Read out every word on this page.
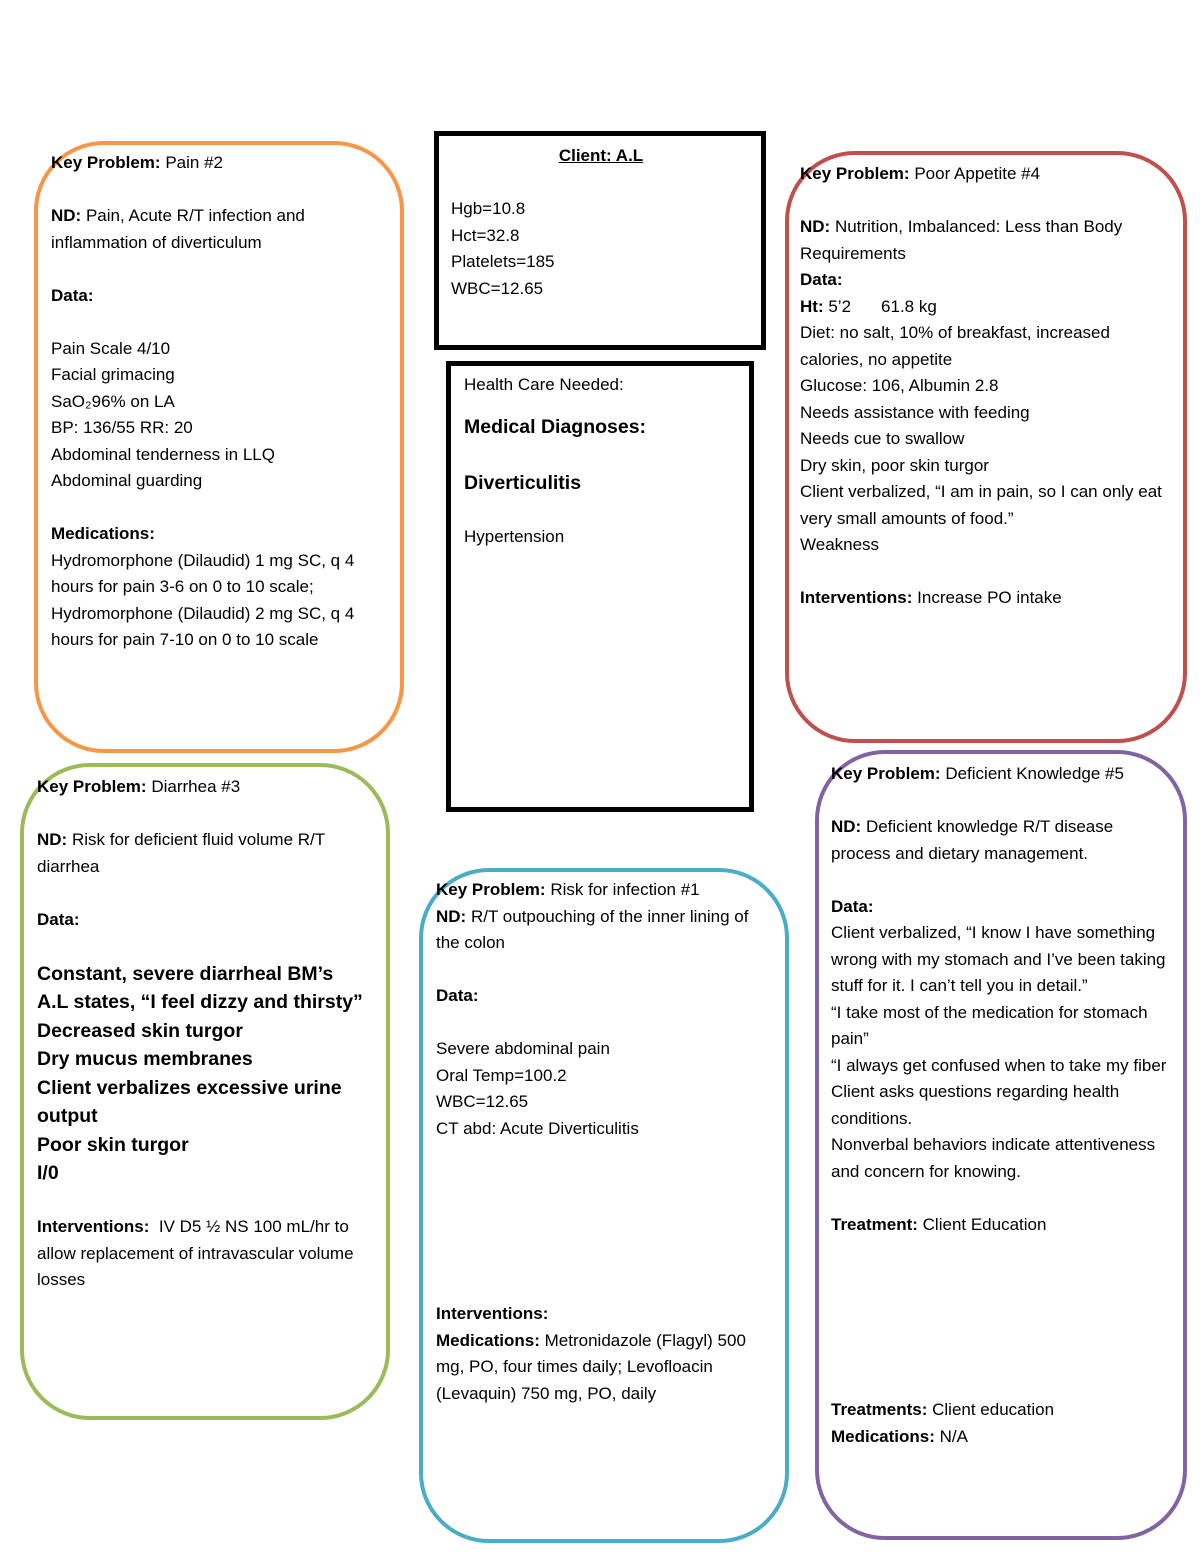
Key Problem: Pain #2
ND: Pain, Acute R/T infection and inflammation of diverticulum
Data:
Pain Scale 4/10
Facial grimacing
SaO₂96% on LA
BP: 136/55 RR: 20
Abdominal tenderness in LLQ
Abdominal guarding
Medications:
Hydromorphone (Dilaudid) 1 mg SC, q 4 hours for pain 3-6 on 0 to 10 scale; Hydromorphone (Dilaudid) 2 mg SC, q 4 hours for pain 7-10 on 0 to 10 scale
Client: A.L
Hgb=10.8
Hct=32.8
Platelets=185
WBC=12.65
Health Care Needed:
Medical Diagnoses:
Diverticulitis
Hypertension
Key Problem: Poor Appetite #4
ND: Nutrition, Imbalanced: Less than Body Requirements
Data:
Ht: 5’2 61.8 kg
Diet: no salt, 10% of breakfast, increased calories, no appetite
Glucose: 106, Albumin 2.8
Needs assistance with feeding
Needs cue to swallow
Dry skin, poor skin turgor
Client verbalized, “I am in pain, so I can only eat very small amounts of food.”
Weakness
Interventions: Increase PO intake
Key Problem: Diarrhea #3
ND: Risk for deficient fluid volume R/T diarrhea
Data:
Constant, severe diarrheal BM’s
A.L states, “I feel dizzy and thirsty”
Decreased skin turgor
Dry mucus membranes
Client verbalizes excessive urine output
Poor skin turgor
I/0
Interventions: IV D5 ½ NS 100 mL/hr to allow replacement of intravascular volume losses
Key Problem: Risk for infection #1
ND: R/T outpouching of the inner lining of the colon
Data:
Severe abdominal pain
Oral Temp=100.2
WBC=12.65
CT abd: Acute Diverticulitis
Interventions:
Medications: Metronidazole (Flagyl) 500 mg, PO, four times daily; Levofloacin (Levaquin) 750 mg, PO, daily
Key Problem: Deficient Knowledge #5
ND: Deficient knowledge R/T disease process and dietary management.
Data:
Client verbalized, “I know I have something wrong with my stomach and I’ve been taking stuff for it. I can’t tell you in detail.”
“I take most of the medication for stomach pain”
“I always get confused when to take my fiber
Client asks questions regarding health conditions.
Nonverbal behaviors indicate attentiveness and concern for knowing.
Treatment: Client Education
Treatments: Client education
Medications: N/A
